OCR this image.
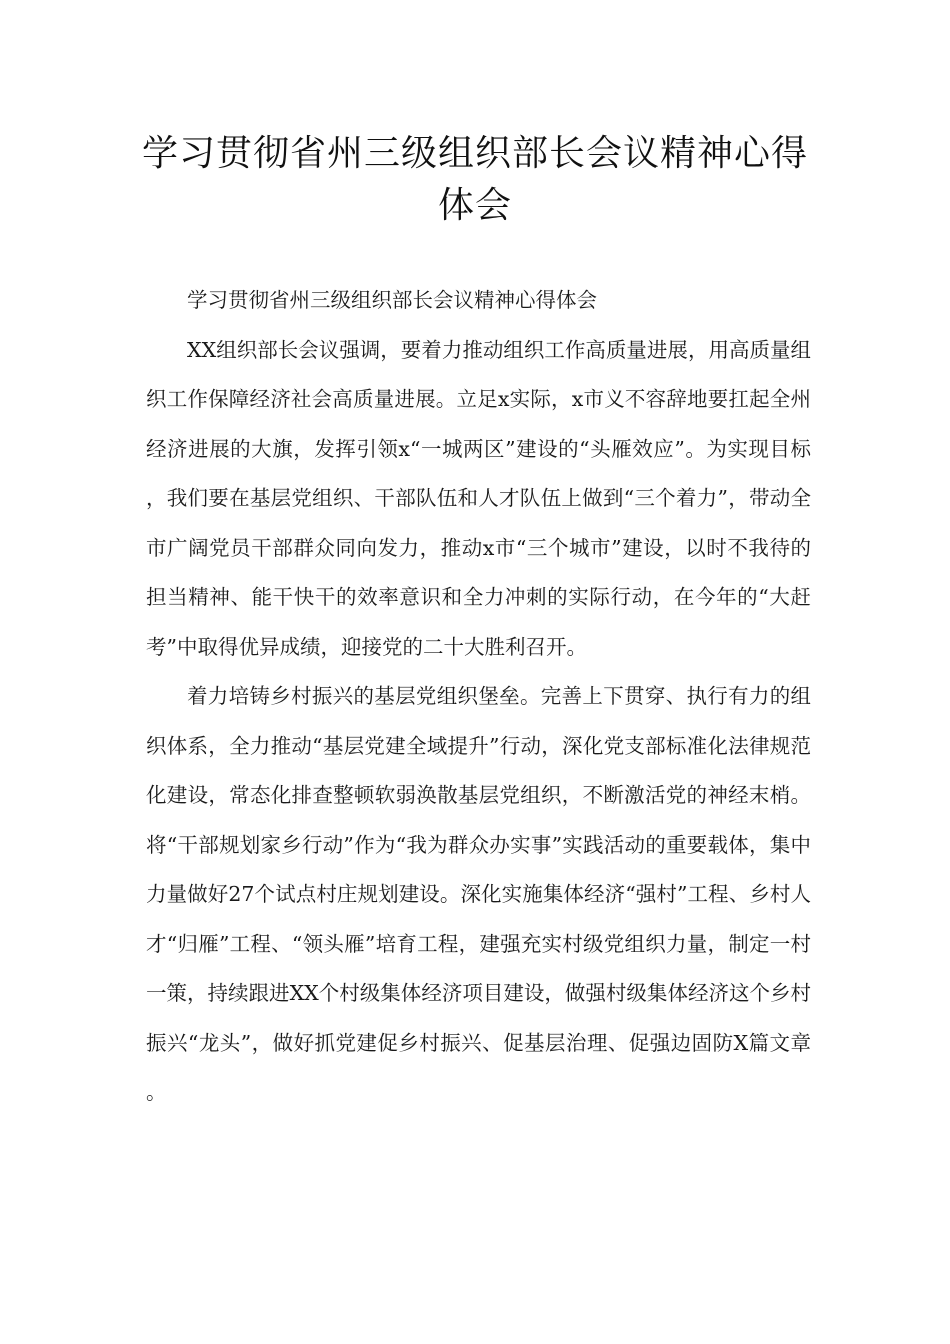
学习贯彻省州三级组织部长会议精神心得体会

学习贯彻省州三级组织部长会议精神心得体会

XX组织部长会议强调，要着力推动组织工作高质量进展，用高质量组织工作保障经济社会高质量进展。立足x实际，x市义不容辞地要扛起全州经济进展的大旗，发挥引领x“一城两区”建设的“头雁效应”。为实现目标，我们要在基层党组织、干部队伍和人才队伍上做到“三个着力”，带动全市广阔党员干部群众同向发力，推动x市“三个城市”建设，以时不我待的担当精神、能干快干的效率意识和全力冲刺的实际行动，在今年的“大赶考”中取得优异成绩，迎接党的二十大胜利召开。

着力培铸乡村振兴的基层党组织堡垒。完善上下贯穿、执行有力的组织体系，全力推动“基层党建全域提升”行动，深化党支部标准化法律规范化建设，常态化排查整顿软弱涣散基层党组织，不断激活党的神经末梢。将“干部规划家乡行动”作为“我为群众办实事”实践活动的重要载体，集中力量做好27个试点村庄规划建设。深化实施集体经济“强村”工程、乡村人才“归雁”工程、“领头雁”培育工程，建强充实村级党组织力量，制定一村一策，持续跟进XX个村级集体经济项目建设，做强村级集体经济这个乡村振兴“龙头”，做好抓党建促乡村振兴、促基层治理、促强边固防X篇文章。
